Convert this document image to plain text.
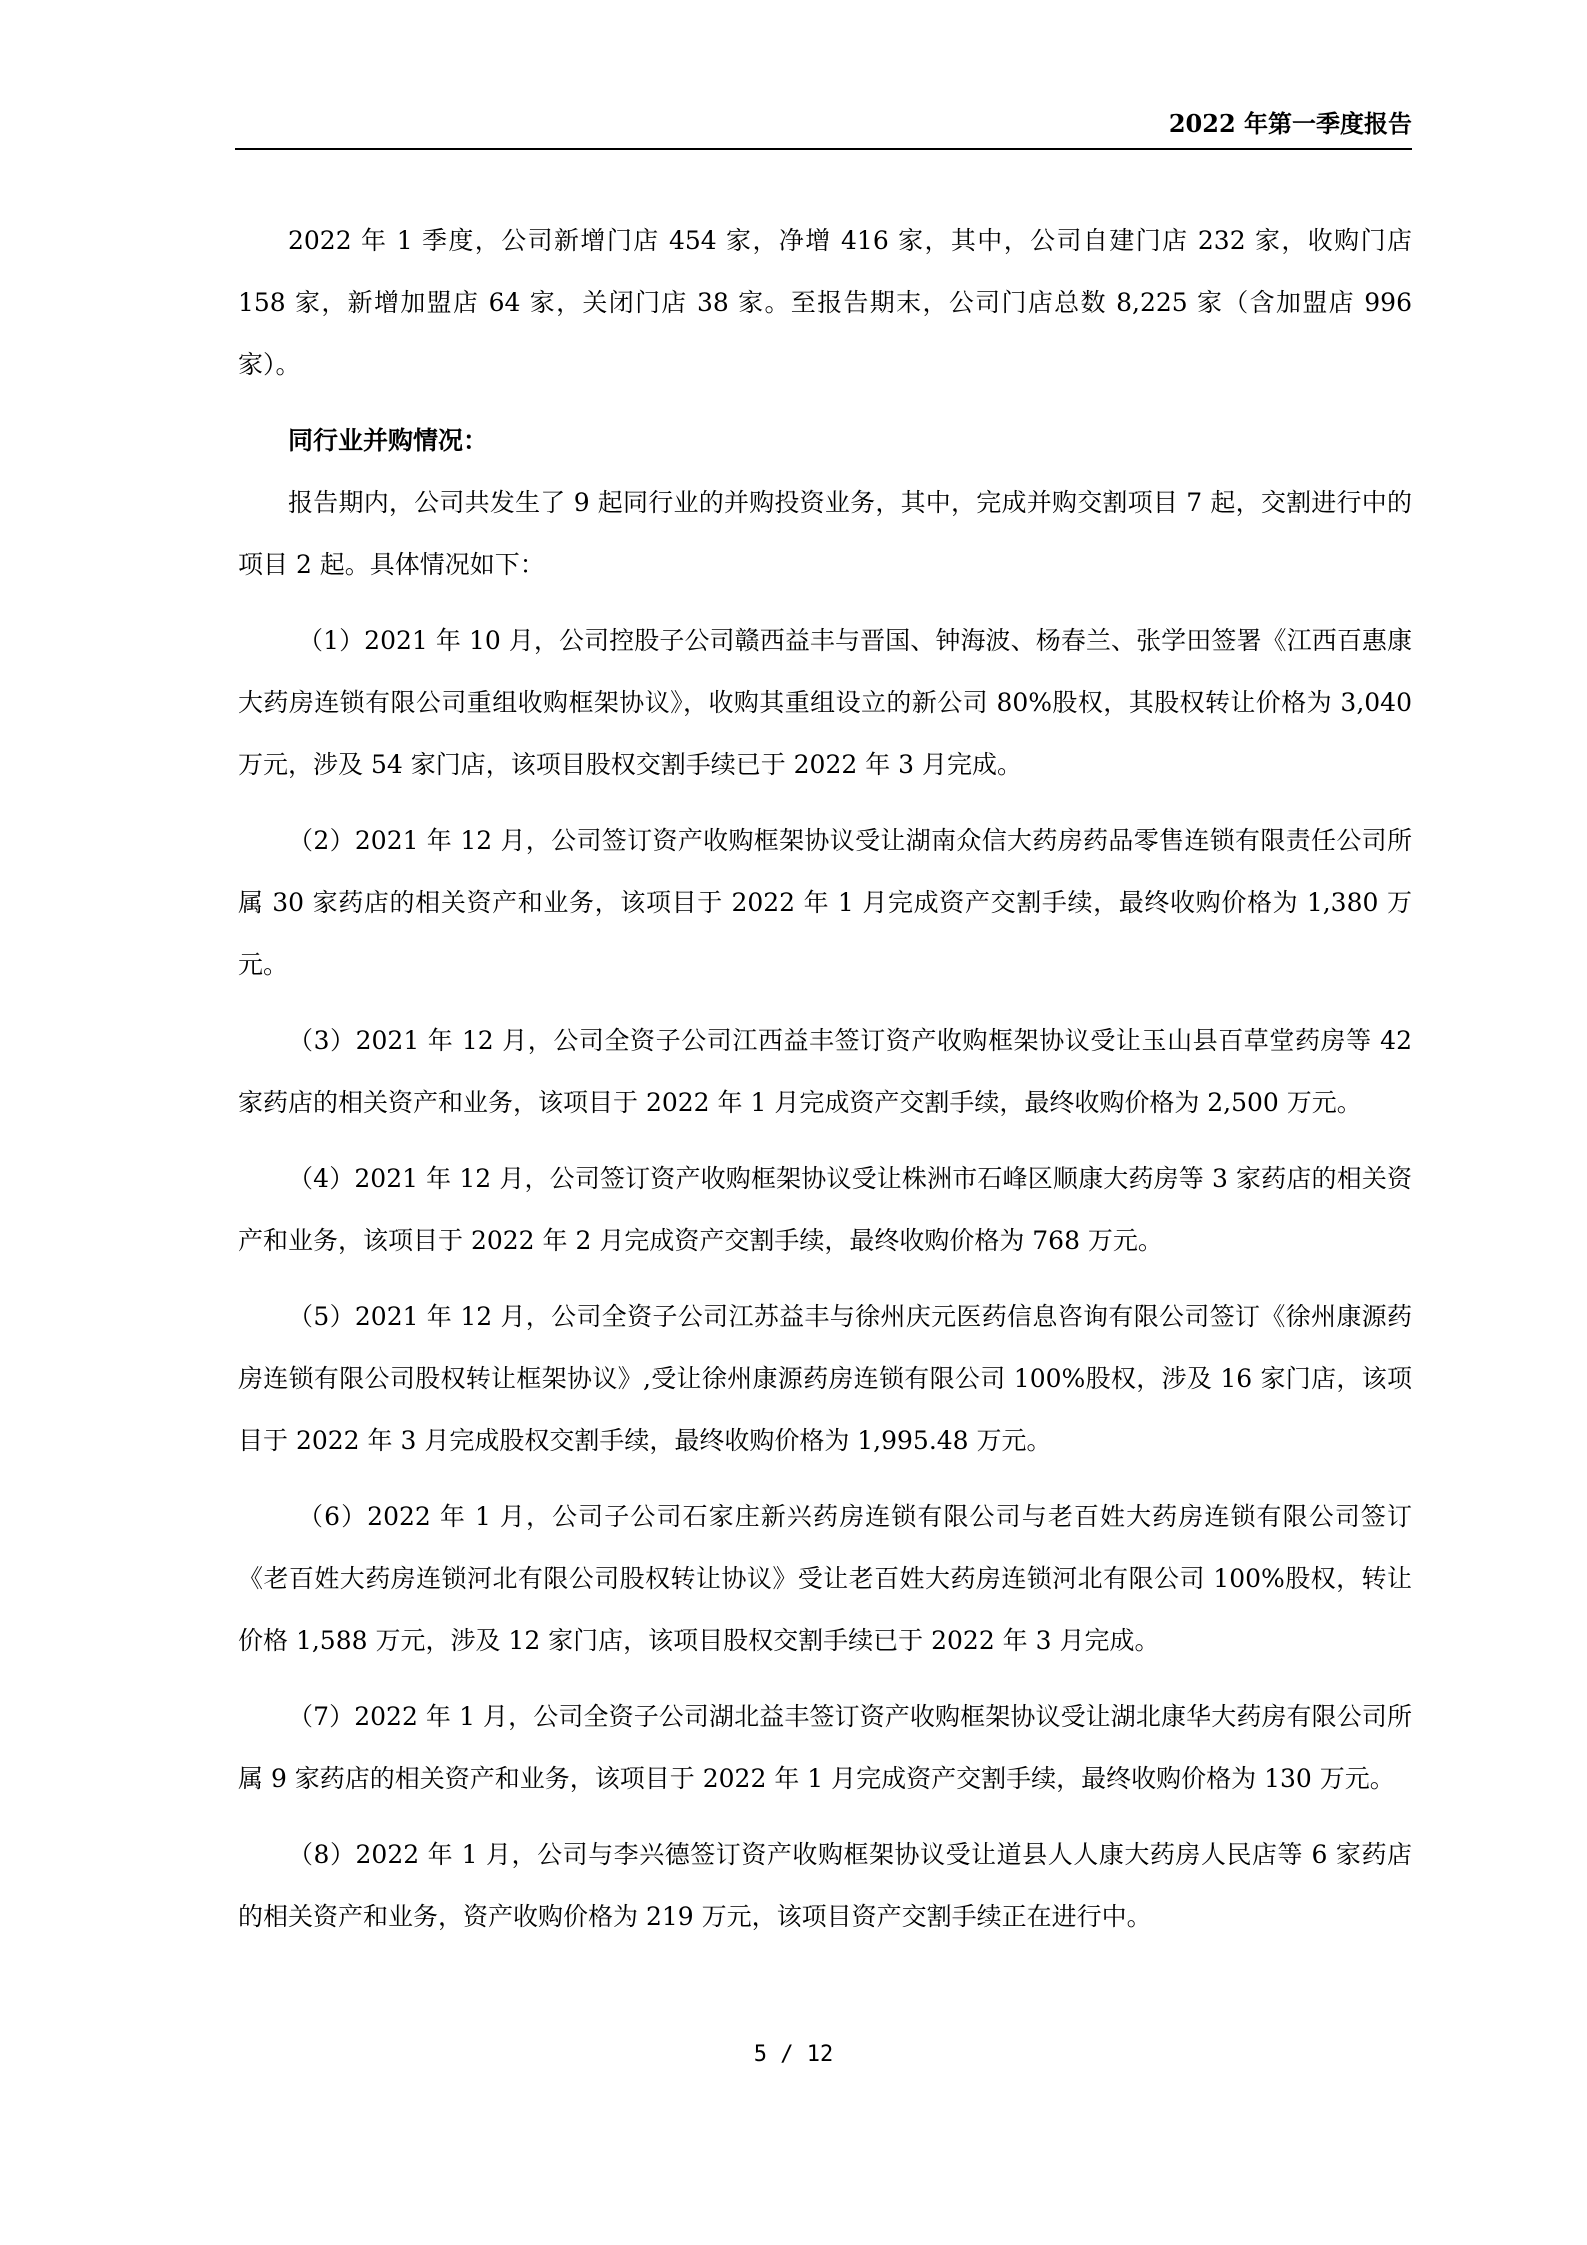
2022 年第一季度报告

2022 年 1 季度，公司新增门店 454 家，净增 416 家，其中，公司自建门店 232 家，收购门店 158 家，新增加盟店 64 家，关闭门店 38 家。至报告期末，公司门店总数 8,225 家（含加盟店 996 家）。

同行业并购情况：

报告期内，公司共发生了 9 起同行业的并购投资业务，其中，完成并购交割项目 7 起，交割进行中的项目 2 起。具体情况如下：

（1）2021 年 10 月，公司控股子公司赣西益丰与晋国、钟海波、杨春兰、张学田签署《江西百惠康大药房连锁有限公司重组收购框架协议》，收购其重组设立的新公司 80%股权，其股权转让价格为 3,040 万元，涉及 54 家门店，该项目股权交割手续已于 2022 年 3 月完成。

（2）2021 年 12 月，公司签订资产收购框架协议受让湖南众信大药房药品零售连锁有限责任公司所属 30 家药店的相关资产和业务，该项目于 2022 年 1 月完成资产交割手续，最终收购价格为 1,380 万元。

（3）2021 年 12 月，公司全资子公司江西益丰签订资产收购框架协议受让玉山县百草堂药房等 42 家药店的相关资产和业务，该项目于 2022 年 1 月完成资产交割手续，最终收购价格为 2,500 万元。

（4）2021 年 12 月，公司签订资产收购框架协议受让株洲市石峰区顺康大药房等 3 家药店的相关资产和业务，该项目于 2022 年 2 月完成资产交割手续，最终收购价格为 768 万元。

（5）2021 年 12 月，公司全资子公司江苏益丰与徐州庆元医药信息咨询有限公司签订《徐州康源药房连锁有限公司股权转让框架协议》,受让徐州康源药房连锁有限公司 100%股权，涉及 16 家门店，该项目于 2022 年 3 月完成股权交割手续，最终收购价格为 1,995.48 万元。

（6）2022 年 1 月，公司子公司石家庄新兴药房连锁有限公司与老百姓大药房连锁有限公司签订《老百姓大药房连锁河北有限公司股权转让协议》受让老百姓大药房连锁河北有限公司 100%股权，转让价格 1,588 万元，涉及 12 家门店，该项目股权交割手续已于 2022 年 3 月完成。

（7）2022 年 1 月，公司全资子公司湖北益丰签订资产收购框架协议受让湖北康华大药房有限公司所属 9 家药店的相关资产和业务，该项目于 2022 年 1 月完成资产交割手续，最终收购价格为 130 万元。

（8）2022 年 1 月，公司与李兴德签订资产收购框架协议受让道县人人康大药房人民店等 6 家药店的相关资产和业务，资产收购价格为 219 万元，该项目资产交割手续正在进行中。

5 / 12
